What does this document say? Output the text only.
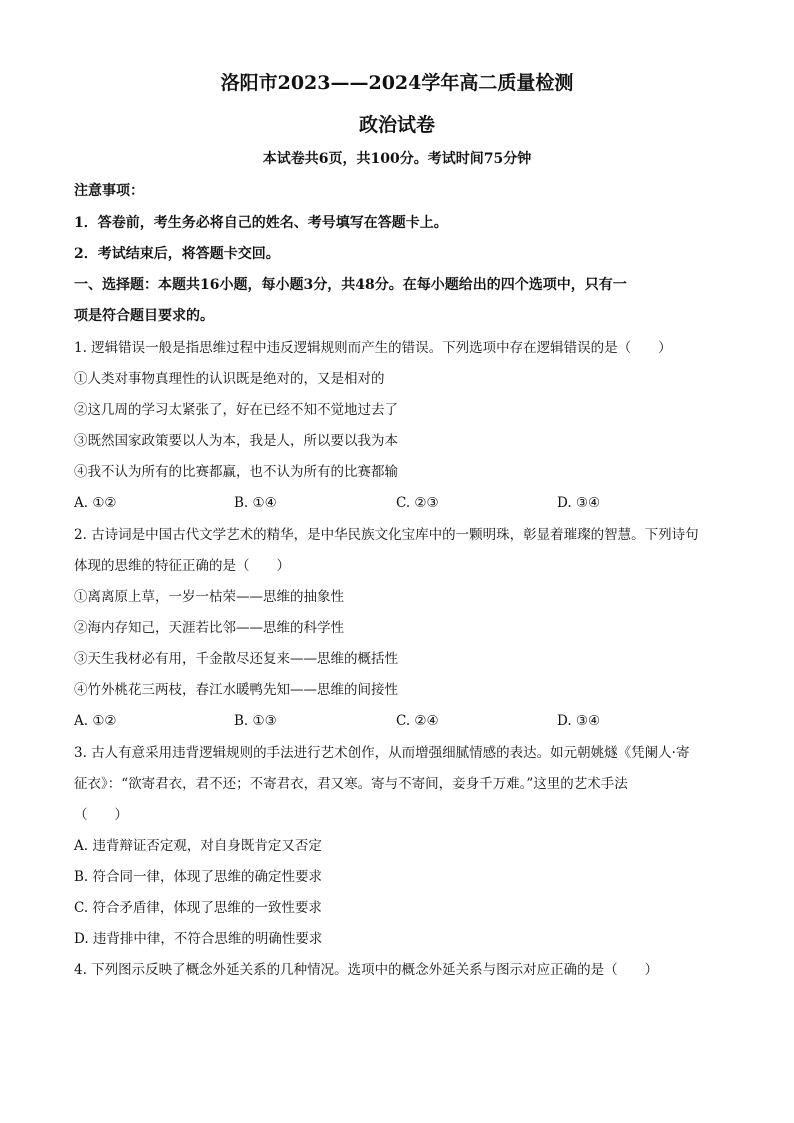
洛阳市2023——2024学年高二质量检测
政治试卷
本试卷共6页，共100分。考试时间75分钟
注意事项：
1．答卷前，考生务必将自己的姓名、考号填写在答题卡上。
2．考试结束后，将答题卡交回。
一、选择题：本题共16小题，每小题3分，共48分。在每小题给出的四个选项中，只有一
项是符合题目要求的。
1. 逻辑错误一般是指思维过程中违反逻辑规则而产生的错误。下列选项中存在逻辑错误的是（　　）
①人类对事物真理性的认识既是绝对的，又是相对的
②这几周的学习太紧张了，好在已经不知不觉地过去了
③既然国家政策要以人为本，我是人，所以要以我为本
④我不认为所有的比赛都赢，也不认为所有的比赛都输
A. ①②	B. ①④	C. ②③	D. ③④
2. 古诗词是中国古代文学艺术的精华，是中华民族文化宝库中的一颗明珠，彰显着璀璨的智慧。下列诗句
体现的思维的特征正确的是（　　）
①离离原上草，一岁一枯荣——思维的抽象性
②海内存知己，天涯若比邻——思维的科学性
③天生我材必有用，千金散尽还复来——思维的概括性
④竹外桃花三两枝，春江水暖鸭先知——思维的间接性
A. ①②	B. ①③	C. ②④	D. ③④
3. 古人有意采用违背逻辑规则的手法进行艺术创作，从而增强细腻情感的表达。如元朝姚燧《凭阑人·寄
征衣》：“欲寄君衣，君不还；不寄君衣，君又寒。寄与不寄间，妾身千万难。”这里的艺术手法
（　　）
A. 违背辩证否定观，对自身既肯定又否定
B. 符合同一律，体现了思维的确定性要求
C. 符合矛盾律，体现了思维的一致性要求
D. 违背排中律，不符合思维的明确性要求
4. 下列图示反映了概念外延关系的几种情况。选项中的概念外延关系与图示对应正确的是（　　）
